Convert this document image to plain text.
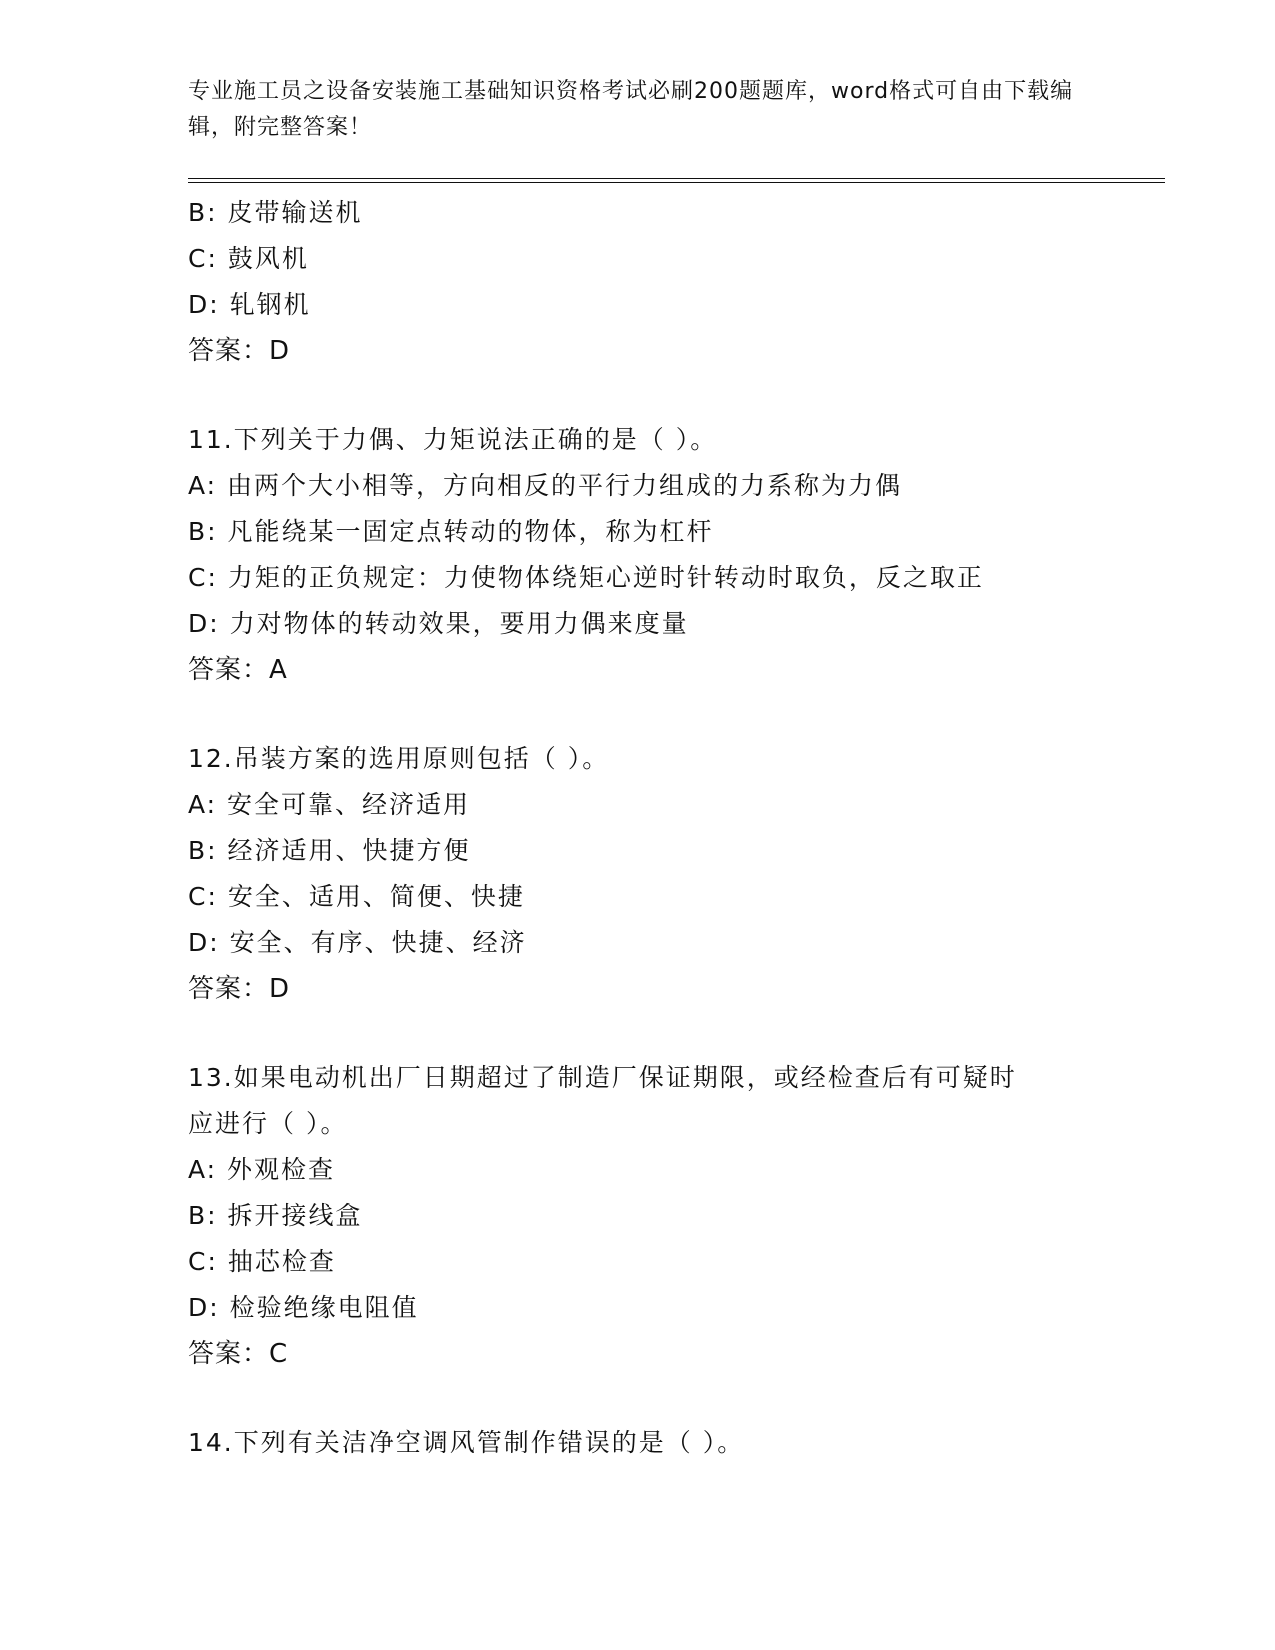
专业施工员之设备安装施工基础知识资格考试必刷200题题库，word格式可自由下载编辑，附完整答案！
B: 皮带输送机
C: 鼓风机
D: 轧钢机
答案：D
11.下列关于力偶、力矩说法正确的是（ ）。
A: 由两个大小相等，方向相反的平行力组成的力系称为力偶
B: 凡能绕某一固定点转动的物体，称为杠杆
C: 力矩的正负规定：力使物体绕矩心逆时针转动时取负，反之取正
D: 力对物体的转动效果，要用力偶来度量
答案：A
12.吊装方案的选用原则包括（ ）。
A: 安全可靠、经济适用
B: 经济适用、快捷方便
C: 安全、适用、简便、快捷
D: 安全、有序、快捷、经济
答案：D
13.如果电动机出厂日期超过了制造厂保证期限，或经检查后有可疑时
应进行（ ）。
A: 外观检查
B: 拆开接线盒
C: 抽芯检查
D: 检验绝缘电阻值
答案：C
14.下列有关洁净空调风管制作错误的是（ ）。
